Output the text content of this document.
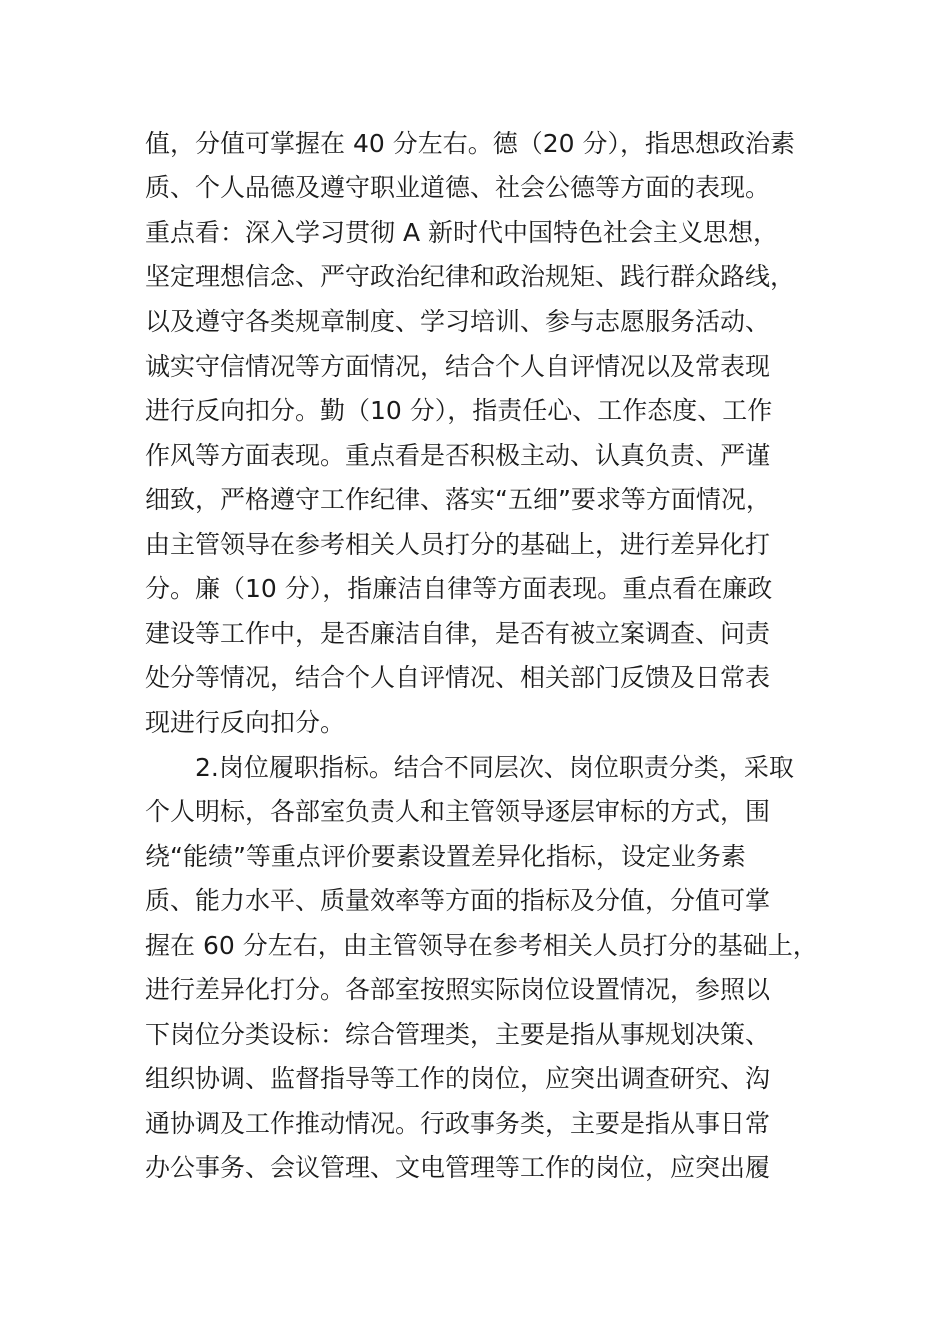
值，分值可掌握在 40 分左右。德（20 分），指思想政治素
质、个人品德及遵守职业道德、社会公德等方面的表现。
重点看：深入学习贯彻 A 新时代中国特色社会主义思想，
坚定理想信念、严守政治纪律和政治规矩、践行群众路线，
以及遵守各类规章制度、学习培训、参与志愿服务活动、
诚实守信情况等方面情况，结合个人自评情况以及常表现
进行反向扣分。勤（10 分），指责任心、工作态度、工作
作风等方面表现。重点看是否积极主动、认真负责、严谨
细致，严格遵守工作纪律、落实“五细”要求等方面情况，
由主管领导在参考相关人员打分的基础上，进行差异化打
分。廉（10 分），指廉洁自律等方面表现。重点看在廉政
建设等工作中，是否廉洁自律，是否有被立案调查、问责
处分等情况，结合个人自评情况、相关部门反馈及日常表
现进行反向扣分。
2.岗位履职指标。结合不同层次、岗位职责分类，采取
个人明标，各部室负责人和主管领导逐层审标的方式，围
绕“能绩”等重点评价要素设置差异化指标，设定业务素
质、能力水平、质量效率等方面的指标及分值，分值可掌
握在 60 分左右，由主管领导在参考相关人员打分的基础上，
进行差异化打分。各部室按照实际岗位设置情况，参照以
下岗位分类设标：综合管理类，主要是指从事规划决策、
组织协调、监督指导等工作的岗位，应突出调查研究、沟
通协调及工作推动情况。行政事务类，主要是指从事日常
办公事务、会议管理、文电管理等工作的岗位，应突出履
